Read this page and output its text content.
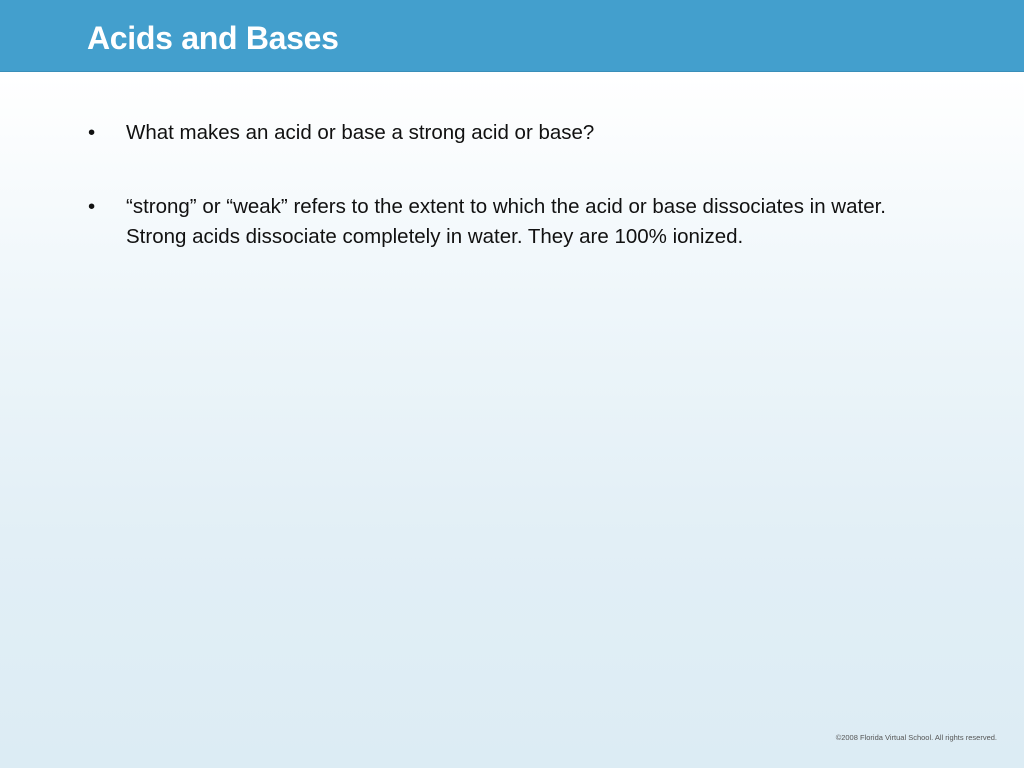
Acids and Bases
•	What makes an acid or base a strong acid or base?
•	“strong” or “weak” refers to the extent to which the acid or base dissociates in water. Strong acids dissociate completely in water. They are 100% ionized.
©2008 Florida Virtual School. All rights reserved.
